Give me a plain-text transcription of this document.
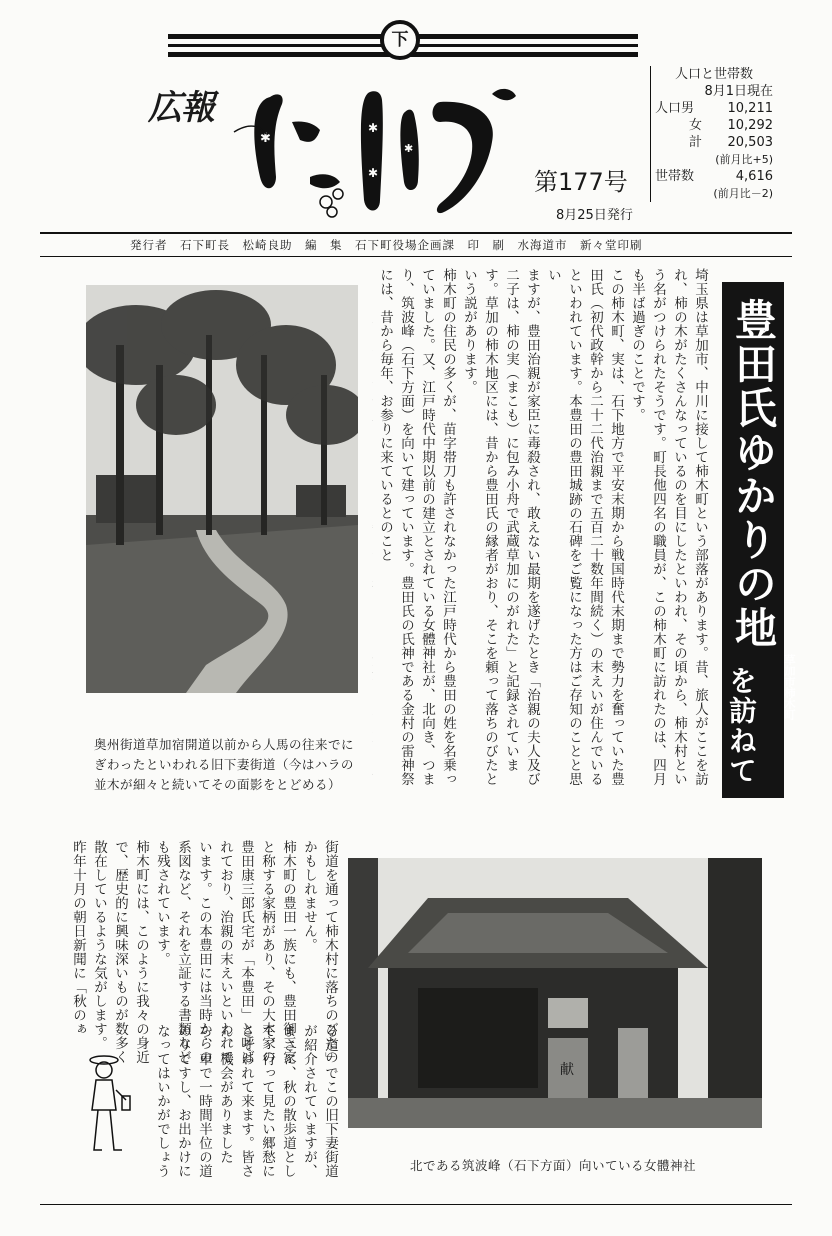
下
広報
✱
✱
✱
✱
✱
第177号
8月25日発行
人口と世帯数
8月1日現在
人口男	10,211
女 10,292
計 20,503
(前月比+5)
世帯数	4,616
(前月比－2)
発行者　石下町長　松崎良助　編　集　石下町役場企画課　印　刷　水海道市　新々堂印刷
奥州街道草加宿開道以前から人馬の往来でにぎわったといわれる旧下妻街道（今はハラの並木が細々と続いてその面影をとどめる）	埼玉県は草加市、中川に接して柿木町という部落があります。昔、旅人がここを訪れ、柿の木がたくさんなっているのを目にしたといわれ、その頃から、柿木村という名がつけられたそうです。町長他四名の職員が、この柿木町に訪れたのは、四月も半ば過ぎのことです。

この柿木町、実は、石下地方で平安末期から戦国時代末期まで勢力を奮っていた豊田氏（初代政幹から二十二代治親まで五百二十数年間続く）の末えいが住んでいるといわれています。本豊田の豊田城跡の石碑をご覧になった方はご存知のことと思い

ますが、豊田治親が家臣に毒殺され、敢えない最期を遂げたとき「治親の夫人及び二子は、柿の実（まこも）に包み小舟で武蔵草加にのがれた」と記録されています。草加の柿木地区には、昔から豊田氏の縁者がおり、そこを頼って落ちのびたという説があります。

柿木町の住民の多くが、苗字帯刀も許されなかった江戸時代から豊田の姓を名乗っていました。又、江戸時代中期以前の建立とされている女體神社が、北向き、つまり、筑波峰（石下方面）を向いて建っています。豊田氏の氏神である金村の雷神祭には、昔から毎年、お参りに来ているとのこと	豊田氏ゆかりの地
草加市柿木町
を訪ねて

街道を通って柿木村に落ちのびたのかもしれません。

柿木町の豊田一族にも、豊田御三家と称する家柄があり、その大本家の豊田康三郎氏宅が「本豊田」と呼ばれており、治親の末えいといわれています。この本豊田には当時からの系図など、それを立証する書類なども残されています。

柿木町には、このように我々の身近で、歴史的に興味深いものが数多く散在しているような気がします。

昨年十月の朝日新聞に「秋のぁ	る道」でこの旧下妻街道が紹介されていますが、まさに、秋の散歩道として、行って見たい郷愁にさそわれて来ます。皆さん、機会がありましたら、車で一時間半位の道のりですし、お出かけになってはいかがでしょう

献
北である筑波峰（石下方面）向いている女體神社
